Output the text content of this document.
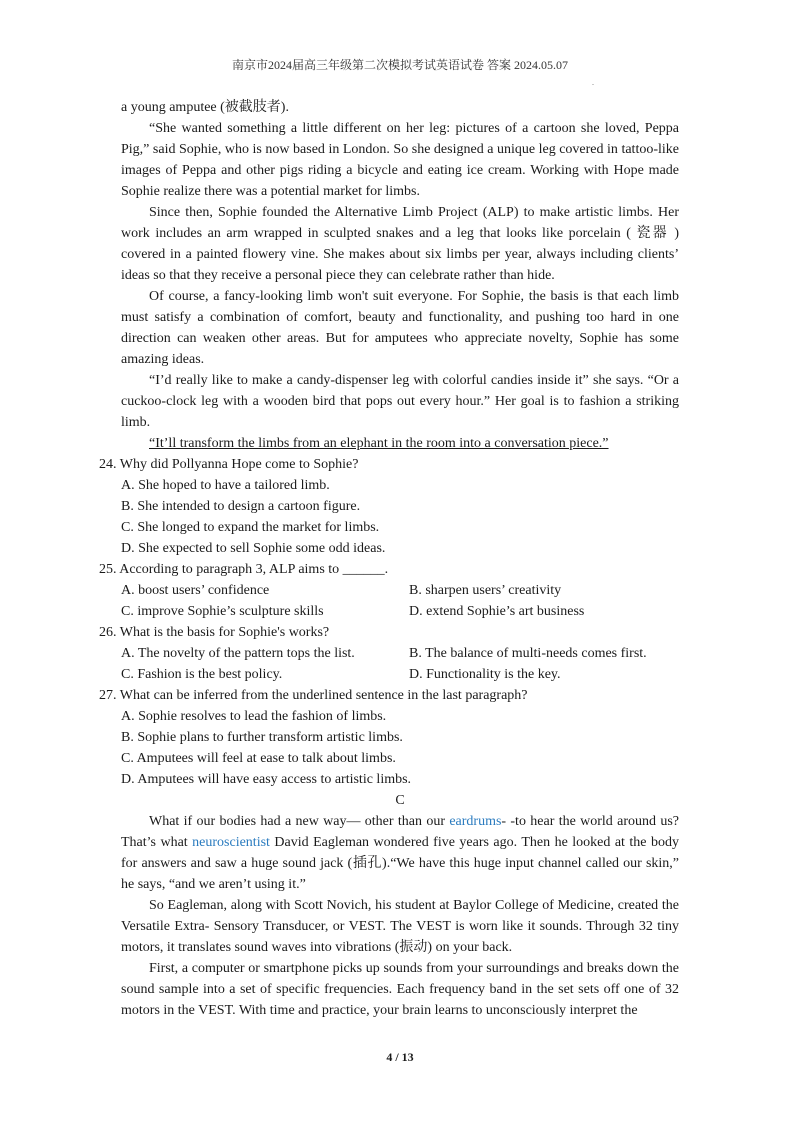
南京市2024届高三年级第二次模拟考试英语试卷 答案 2024.05.07
.

a young amputee (被截肢者).

“She wanted something a little different on her leg: pictures of a cartoon she loved, Peppa Pig,” said Sophie, who is now based in London. So she designed a unique leg covered in tattoo-like images of Peppa and other pigs riding a bicycle and eating ice cream. Working with Hope made Sophie realize there was a potential market for limbs.

Since then, Sophie founded the Alternative Limb Project (ALP) to make artistic limbs. Her work includes an arm wrapped in sculpted snakes and a leg that looks like porcelain ( 瓷器 ) covered in a painted flowery vine. She makes about six limbs per year, always including clients’ ideas so that they receive a personal piece they can celebrate rather than hide.

Of course, a fancy-looking limb won't suit everyone. For Sophie, the basis is that each limb must satisfy a combination of comfort, beauty and functionality, and pushing too hard in one direction can weaken other areas. But for amputees who appreciate novelty, Sophie has some amazing ideas.

“I’d really like to make a candy-dispenser leg with colorful candies inside it” she says. “Or a cuckoo-clock leg with a wooden bird that pops out every hour.” Her goal is to fashion a striking limb.

“It’ll transform the limbs from an elephant in the room into a conversation piece.”

24. Why did Pollyanna Hope come to Sophie?

A. She hoped to have a tailored limb.

B. She intended to design a cartoon figure.

C. She longed to expand the market for limbs.

D. She expected to sell Sophie some odd ideas.

25. According to paragraph 3, ALP aims to ______.

A. boost users’ confidence	B. sharpen users’ creativity
C. improve Sophie’s sculpture skills	D. extend Sophie’s art business

26. What is the basis for Sophie's works?

A. The novelty of the pattern tops the list.	B. The balance of multi-needs comes first.
C. Fashion is the best policy.	D. Functionality is the key.

27. What can be inferred from the underlined sentence in the last paragraph?

A. Sophie resolves to lead the fashion of limbs.

B. Sophie plans to further transform artistic limbs.

C. Amputees will feel at ease to talk about limbs.

D. Amputees will have easy access to artistic limbs.

C

What if our bodies had a new way— other than our eardrums- -to hear the world around us? That’s what neuroscientist David Eagleman wondered five years ago. Then he looked at the body for answers and saw a huge sound jack (插孔).“We have this huge input channel called our skin,” he says, “and we aren’t using it.”

So Eagleman, along with Scott Novich, his student at Baylor College of Medicine, created the Versatile Extra- Sensory Transducer, or VEST. The VEST is worn like it sounds. Through 32 tiny motors, it translates sound waves into vibrations (振动) on your back.

First, a computer or smartphone picks up sounds from your surroundings and breaks down the sound sample into a set of specific frequencies. Each frequency band in the set sets off one of 32 motors in the VEST. With time and practice, your brain learns to unconsciously interpret the

4 / 13
